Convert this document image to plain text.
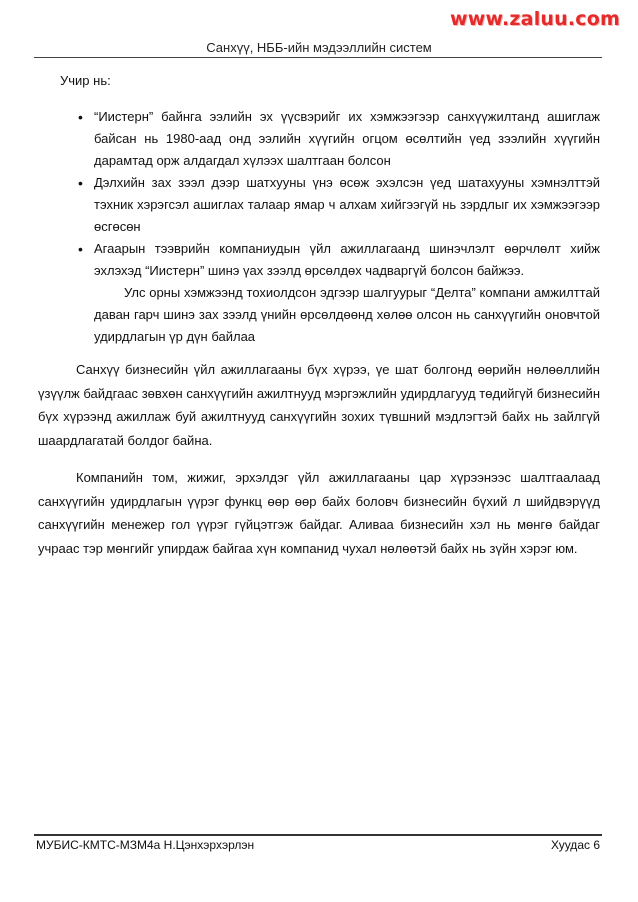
www.zaluu.com
Санхүү, НББ-ийн мэдээллийн систем

Учир нь:

• “Иистерн” байнга ээлийн эх үүсвэрийг их хэмжээгээр санхүүжилтанд ашиглаж байсан нь 1980-аад онд ээлийн хүүгийн огцом өсөлтийн үед зээлийн хүүгийн дарамтад орж алдагдал хүлээх шалтгаан болсон
• Дэлхийн зах зээл дээр шатхууны үнэ өсөж эхэлсэн үед шатахууны хэмнэлттэй тэхник хэрэгсэл ашиглах талаар ямар ч алхам хийгээгүй нь зэрдлыг их хэмжээгээр өсгөсөн
• Агаарын тээврийн компаниудын үйл ажиллагаанд шинэчлэлт өөрчлөлт хийж эхлэхэд “Иистерн” шинэ үах зээлд өрсөлдөх чадваргүй болсон байжээ.

Улс орны хэмжээнд тохиолдсон эдгээр шалгуурыг “Делта” компани амжилттай даван гарч шинэ зах зээлд үнийн өрсөлдөөнд хөлөө олсон нь санхүүгийн оновчтой удирдлагын үр дүн байлаа

Санхүү бизнесийн үйл ажиллагааны бүх хүрээ, үе шат болгонд өөрийн нөлөөллийн үзүүлж байдгаас зөвхөн санхүүгийн ажилтнууд мэргэжлийн удирдлагууд төдийгүй бизнесийн бүх хүрээнд ажиллаж буй ажилтнууд санхүүгийн зохих түвшний мэдлэгтэй байх нь зайлгүй шаардлагатай болдог байна.

Компанийн том, жижиг, эрхэлдэг үйл ажиллагааны цар хүрээнээс шалтгаалаад санхүүгийн удирдлагын үүрэг функц өөр өөр байх боловч бизнесийн бүхий л шийдвэрүүд санхүүгийн менежер гол үүрэг гүйцэтгэж байдаг. Аливаа бизнесийн хэл нь мөнгө байдаг учраас тэр мөнгийг упирдаж байгаа хүн компанид чухал нөлөөтэй байх нь зүйн хэрэг юм.

МУБИС-КМТС-МЗМ4а Н.Цэнхэрхэрлэн	Хуудас 6
